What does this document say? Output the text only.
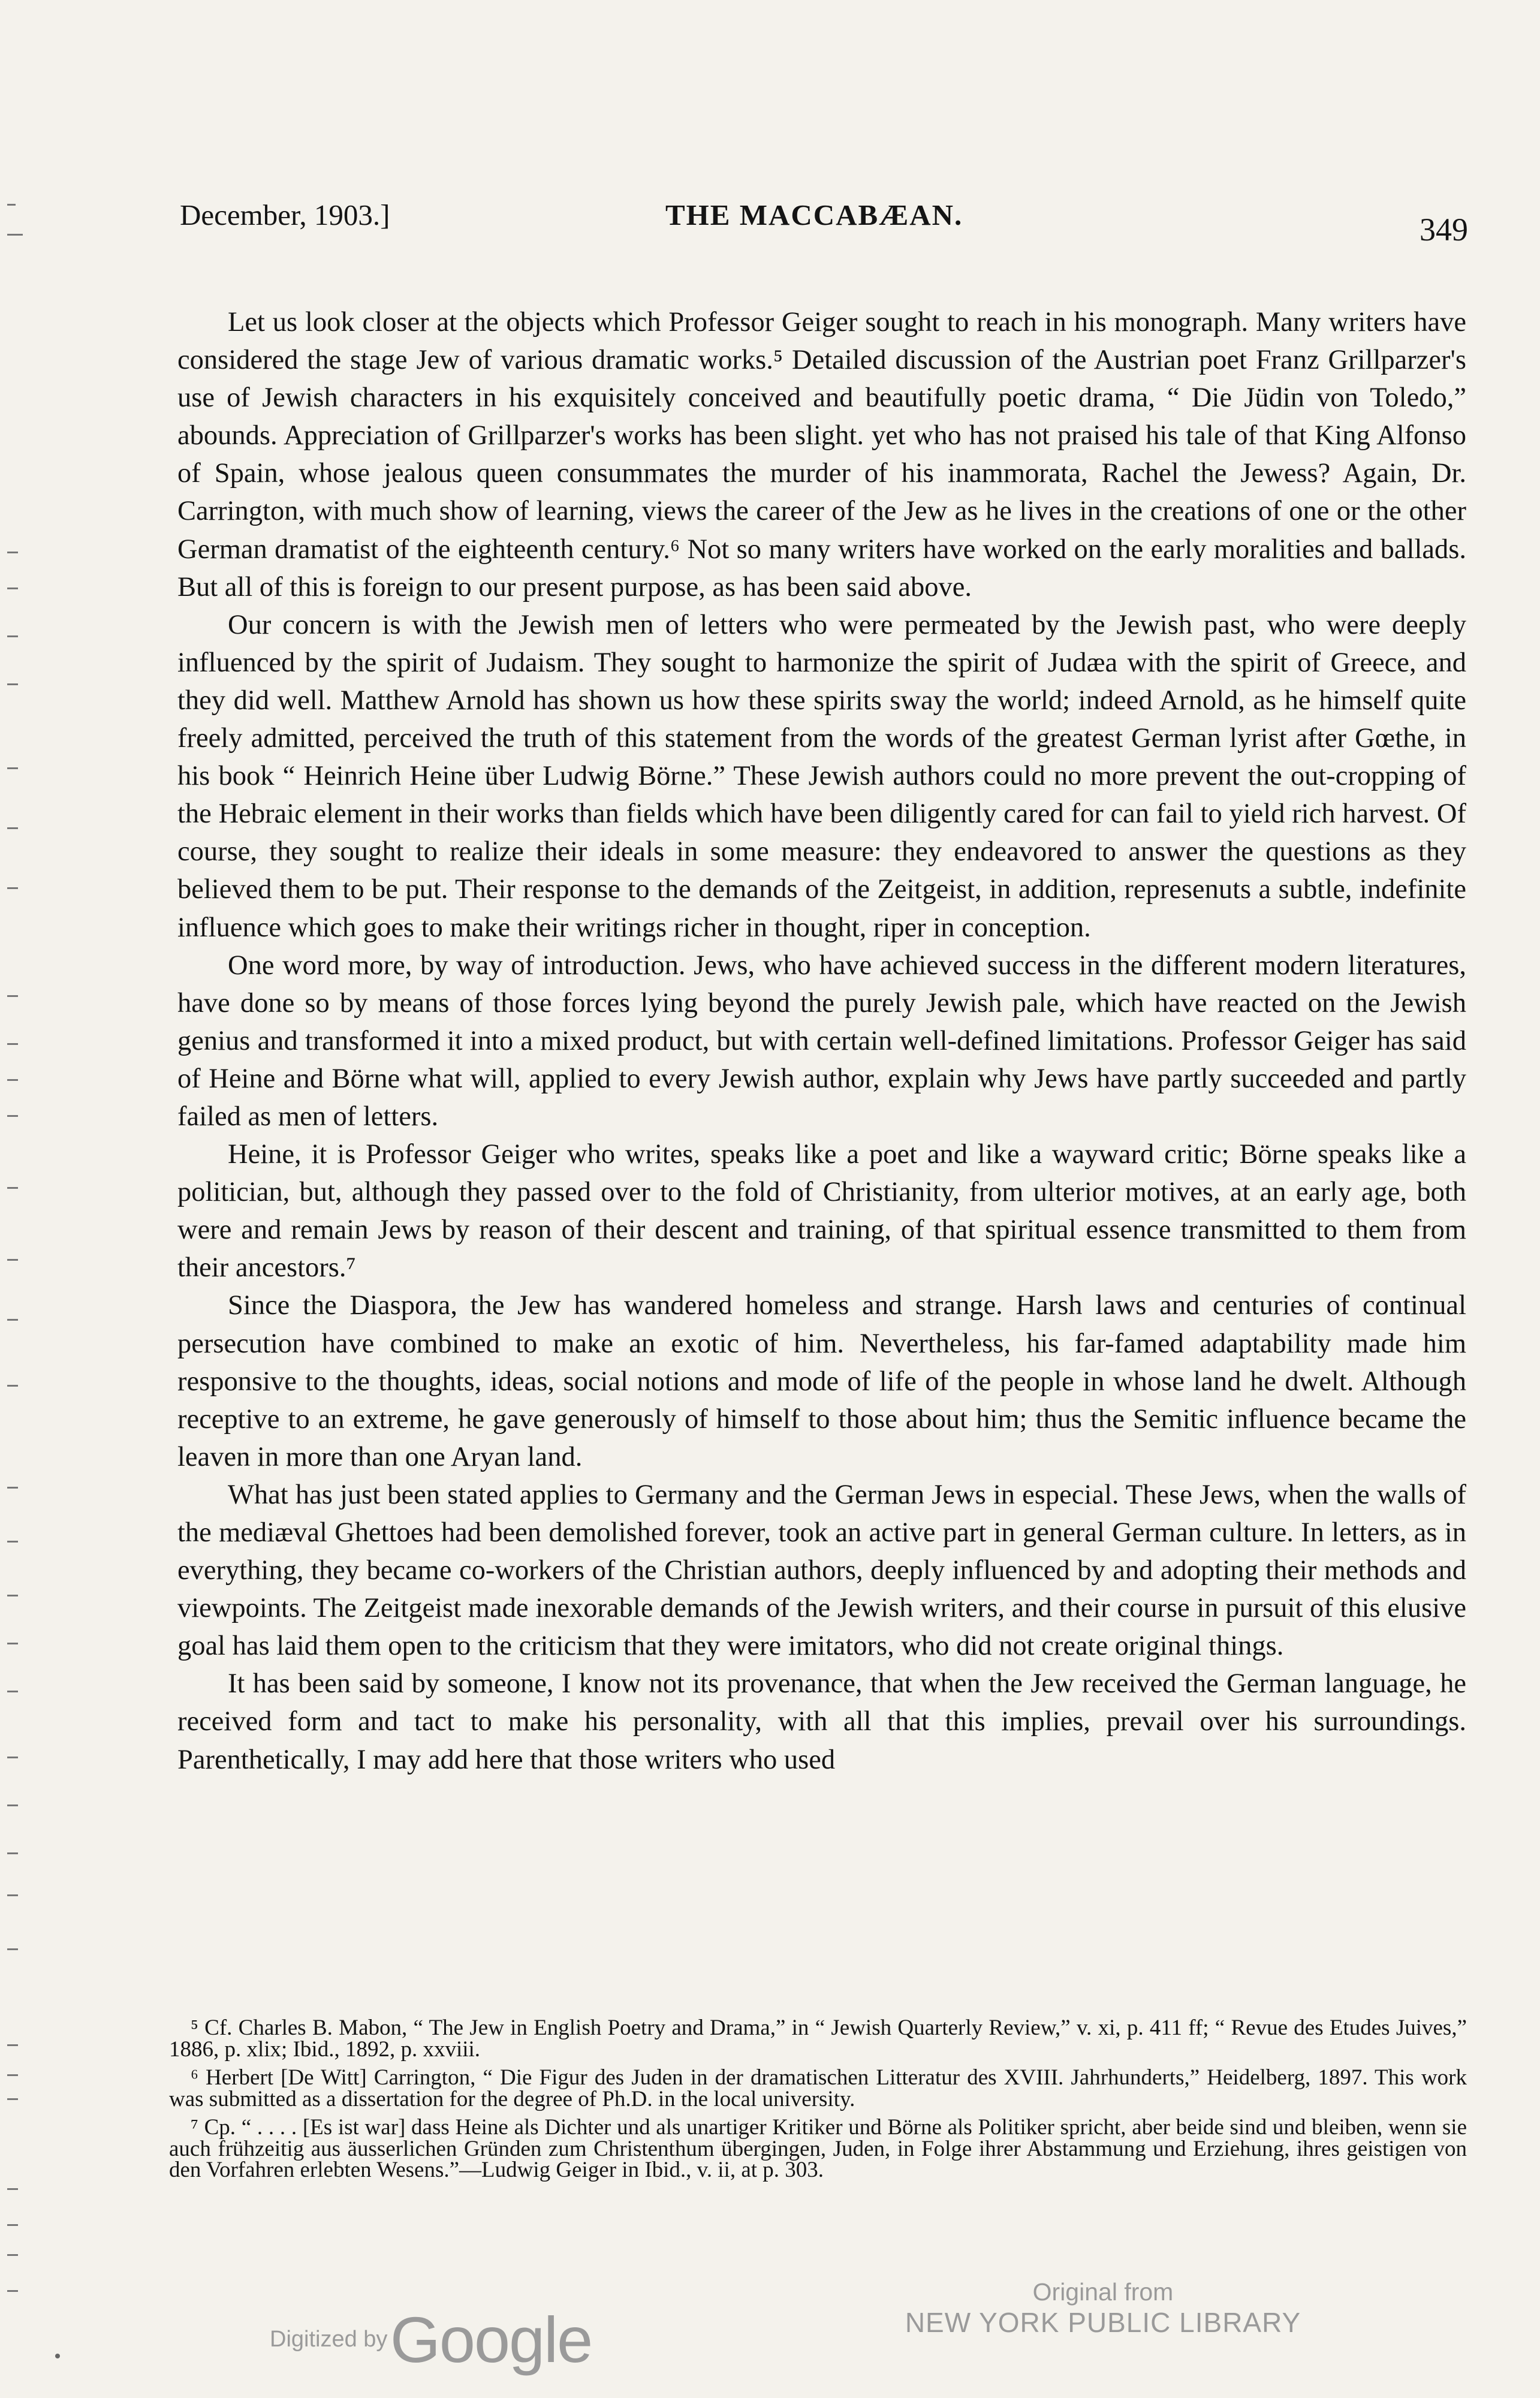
December, 1903.]	THE MACCABÆAN.	349

Let us look closer at the objects which Professor Geiger sought to reach in his monograph. Many writers have considered the stage Jew of various dramatic works.⁵ Detailed discussion of the Austrian poet Franz Grillparzer's use of Jewish characters in his exquisitely conceived and beautifully poetic drama, “ Die Jüdin von Toledo,” abounds. Appreciation of Grillparzer's works has been slight. yet who has not praised his tale of that King Alfonso of Spain, whose jealous queen consummates the murder of his inammorata, Rachel the Jewess? Again, Dr. Carrington, with much show of learning, views the career of the Jew as he lives in the creations of one or the other German dramatist of the eighteenth century.⁶ Not so many writers have worked on the early moralities and ballads. But all of this is foreign to our present purpose, as has been said above.

Our concern is with the Jewish men of letters who were permeated by the Jewish past, who were deeply influenced by the spirit of Judaism. They sought to harmonize the spirit of Judæa with the spirit of Greece, and they did well. Matthew Arnold has shown us how these spirits sway the world; indeed Arnold, as he himself quite freely admitted, perceived the truth of this statement from the words of the greatest German lyrist after Gœthe, in his book “ Heinrich Heine über Ludwig Börne.” These Jewish authors could no more prevent the out-cropping of the Hebraic element in their works than fields which have been diligently cared for can fail to yield rich harvest. Of course, they sought to realize their ideals in some measure: they endeavored to answer the questions as they believed them to be put. Their response to the demands of the Zeitgeist, in addition, represenuts a subtle, indefinite influence which goes to make their writings richer in thought, riper in conception.

One word more, by way of introduction. Jews, who have achieved success in the different modern literatures, have done so by means of those forces lying beyond the purely Jewish pale, which have reacted on the Jewish genius and transformed it into a mixed product, but with certain well-defined limitations. Professor Geiger has said of Heine and Börne what will, applied to every Jewish author, explain why Jews have partly succeeded and partly failed as men of letters.

Heine, it is Professor Geiger who writes, speaks like a poet and like a wayward critic; Börne speaks like a politician, but, although they passed over to the fold of Christianity, from ulterior motives, at an early age, both were and remain Jews by reason of their descent and training, of that spiritual essence transmitted to them from their ancestors.⁷

Since the Diaspora, the Jew has wandered homeless and strange. Harsh laws and centuries of continual persecution have combined to make an exotic of him. Nevertheless, his far-famed adaptability made him responsive to the thoughts, ideas, social notions and mode of life of the people in whose land he dwelt. Although receptive to an extreme, he gave generously of himself to those about him; thus the Semitic influence became the leaven in more than one Aryan land.

What has just been stated applies to Germany and the German Jews in especial. These Jews, when the walls of the mediæval Ghettoes had been demolished forever, took an active part in general German culture. In letters, as in everything, they became co-workers of the Christian authors, deeply influenced by and adopting their methods and viewpoints. The Zeitgeist made inexorable demands of the Jewish writers, and their course in pursuit of this elusive goal has laid them open to the criticism that they were imitators, who did not create original things.

It has been said by someone, I know not its provenance, that when the Jew received the German language, he received form and tact to make his personality, with all that this implies, prevail over his surroundings. Parenthetically, I may add here that those writers who used

⁵ Cf. Charles B. Mabon, “ The Jew in English Poetry and Drama,” in “ Jewish Quarterly Review,” v. xi, p. 411 ff; “ Revue des Etudes Juives,” 1886, p. xlix; Ibid., 1892, p. xxviii.

⁶ Herbert [De Witt] Carrington, “ Die Figur des Juden in der dramatischen Litteratur des XVIII. Jahrhunderts,” Heidelberg, 1897. This work was submitted as a dissertation for the degree of Ph.D. in the local university.

⁷ Cp. “ . . . . [Es ist war] dass Heine als Dichter und als unartiger Kritiker und Börne als Politiker spricht, aber beide sind und bleiben, wenn sie auch frühzeitig aus äusserlichen Gründen zum Christenthum übergingen, Juden, in Folge ihrer Abstammung und Erziehung, ihres geistigen von den Vorfahren erlebten Wesens.”—Ludwig Geiger in Ibid., v. ii, at p. 303.

Digitized by Google
Original from
NEW YORK PUBLIC LIBRARY
